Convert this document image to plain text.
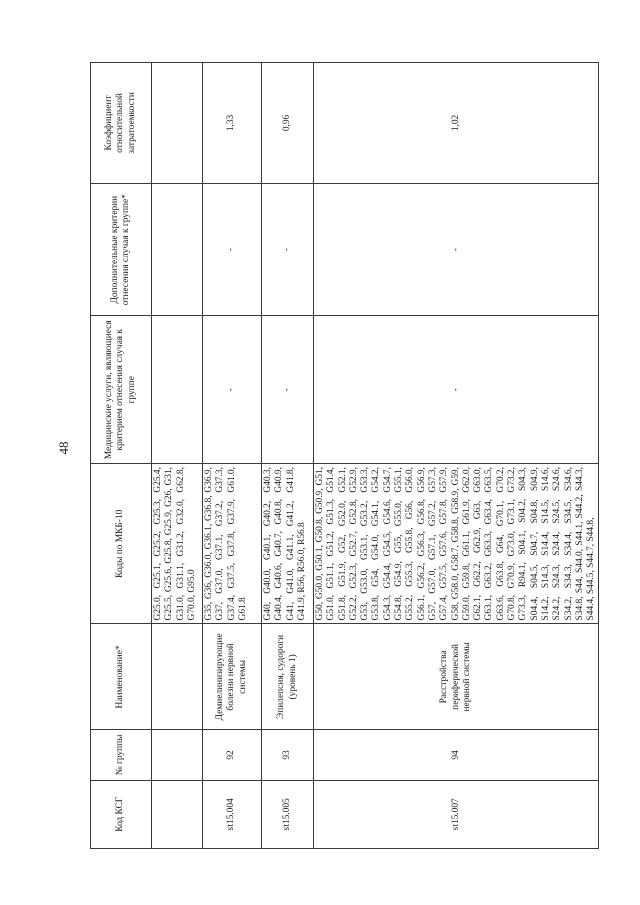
48
Код КСГ	№ группы	Наименование*	Коды по МКБ-10	Медицинские услуги, являющиеся критерием отнесения случая к группе	Дополнительные критерии отнесения случая к группе*	Коэффициент относительной затратоемкости
			G25.0, G25.1, G25.2, G25.3, G25.4, G25.5, G25.6, G25.8, G25.9, G26, G31, G31.0, G31.1, G31.2, G32.0, G62.8, G70.0, G95.0			
st15.004	92	Демиелинизирующие болезни нервной системы	G35, G36, G36.0, G36.1, G36.8, G36.9, G37, G37.0, G37.1, G37.2, G37.3, G37.4, G37.5, G37.8, G37.9, G61.0, G61.8	-	-	1,33
st15.005	93	Эпилепсия, судороги (уровень 1)	G40, G40.0, G40.1, G40.2, G40.3, G40.4, G40.6, G40.7, G40.8, G40.9, G41, G41.0, G41.1, G41.2, G41.8, G41.9, R56, R56.0, R56.8	-	-	0,96
st15.007	94	Расстройства периферической нервной системы	G50, G50.0, G50.1, G50.8, G50.9, G51, G51.0, G51.1, G51.2, G51.3, G51.4, G51.8, G51.9, G52, G52.0, G52.1, G52.2, G52.3, G52.7, G52.8, G52.9, G53, G53.0, G53.1, G53.2, G53.3, G53.8, G54, G54.0, G54.1, G54.2, G54.3, G54.4, G54.5, G54.6, G54.7, G54.8, G54.9, G55, G55.0, G55.1, G55.2, G55.3, G55.8, G56, G56.0, G56.1, G56.2, G56.3, G56.8, G56.9, G57, G57.0, G57.1, G57.2, G57.3, G57.4, G57.5, G57.6, G57.8, G57.9, G58, G58.0, G58.7, G58.8, G58.9, G59, G59.0, G59.8, G61.1, G61.9, G62.0, G62.1, G62.2, G62.9, G63, G63.0, G63.1, G63.2, G63.3, G63.4, G63.5, G63.6, G63.8, G64, G70.1, G70.2, G70.8, G70.9, G73.0, G73.1, G73.2, G73.3, R94.1, S04.1, S04.2, S04.3, S04.4, S04.5, S04.7, S04.8, S04.9, S14.2, S14.3, S14.4, S14.5, S14.6, S24.2, S24.3, S24.4, S24.5, S24.6, S34.2, S34.3, S34.4, S34.5, S34.6, S34.8, S44, S44.0, S44.1, S44.2, S44.3, S44.4, S44.5, S44.7, S44.8,	-	-	1,02
